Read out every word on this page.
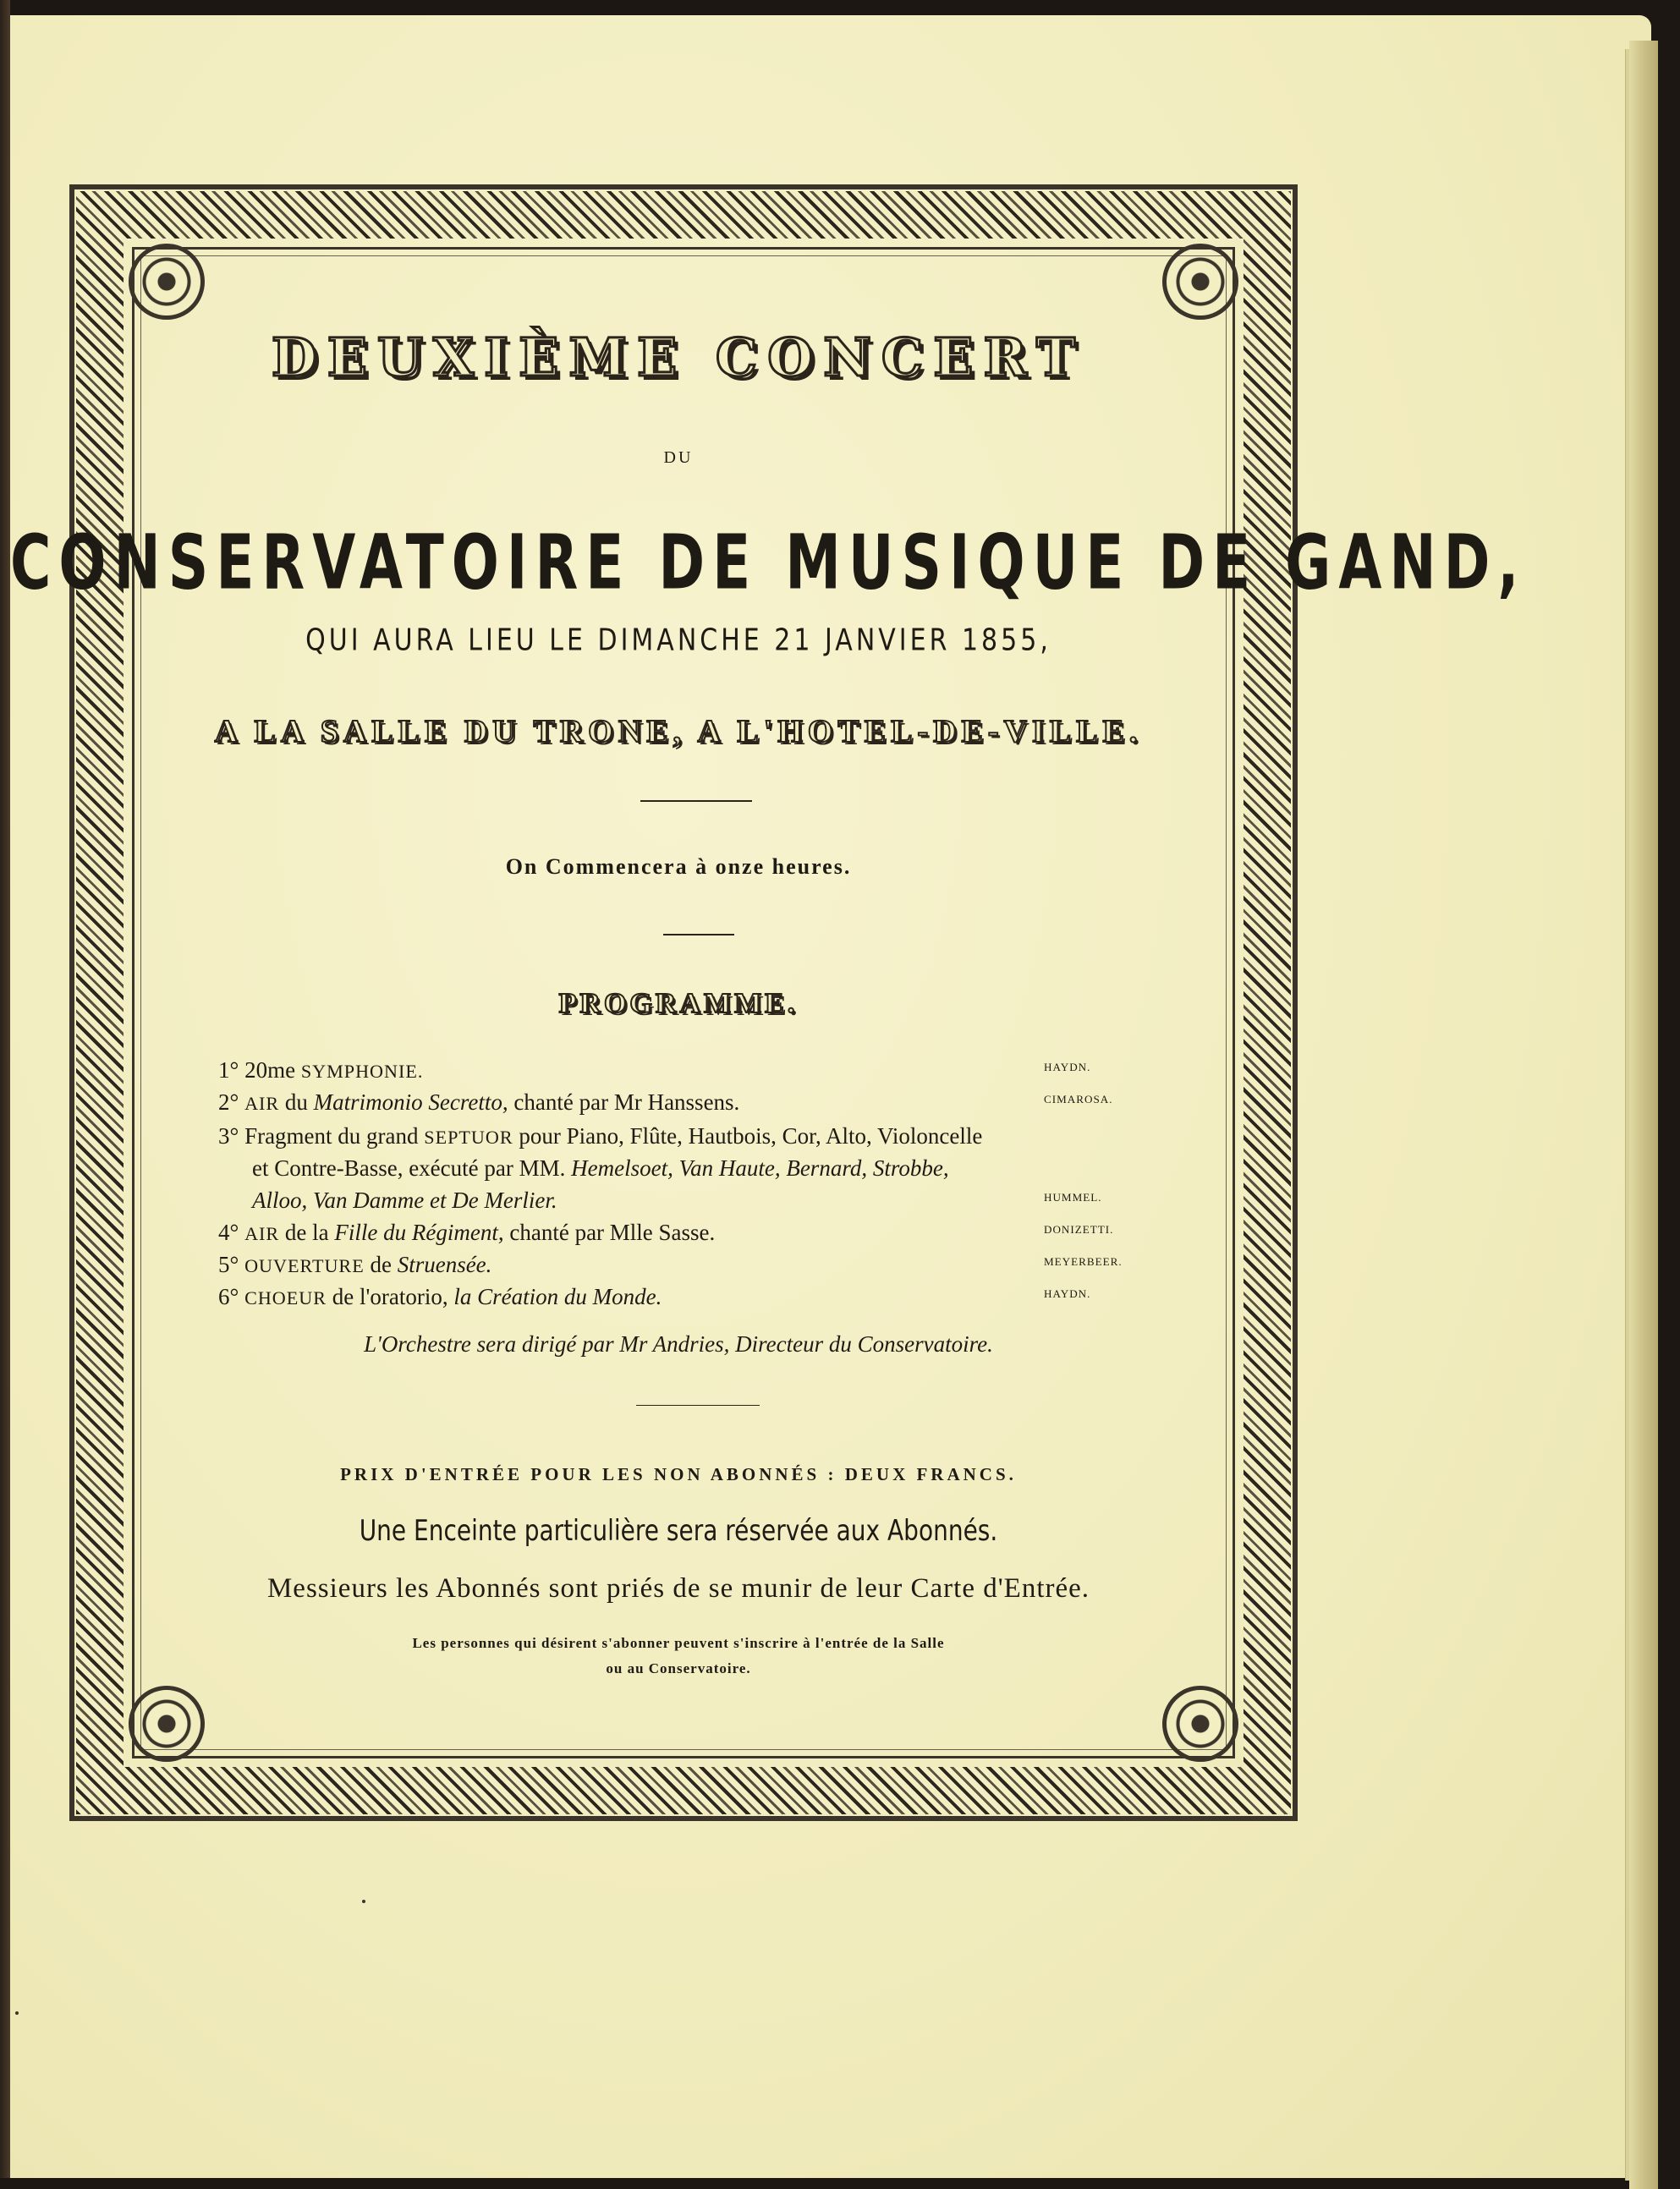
DEUXIÈME CONCERT
DU
CONSERVATOIRE DE MUSIQUE DE GAND,
QUI AURA LIEU LE DIMANCHE 21 JANVIER 1855,
A LA SALLE DU TRONE, A L'HOTEL-DE-VILLE.
On Commencera à onze heures.
PROGRAMME.
1° 20me SYMPHONIE.	HAYDN.
2° AIR du Matrimonio Secretto, chanté par Mr Hanssens.	CIMAROSA.
3° Fragment du grand SEPTUOR pour Piano, Flûte, Hautbois, Cor, Alto, Violoncelle
et Contre-Basse, exécuté par MM. Hemelsoet, Van Haute, Bernard, Strobbe,
Alloo, Van Damme et De Merlier.	HUMMEL.
4° AIR de la Fille du Régiment, chanté par Mlle Sasse.	DONIZETTI.
5° OUVERTURE de Struensée.	MEYERBEER.
6° CHOEUR de l'oratorio, la Création du Monde.	HAYDN.
L'Orchestre sera dirigé par Mr Andries, Directeur du Conservatoire.
PRIX D'ENTRÉE POUR LES NON ABONNÉS : DEUX FRANCS.
Une Enceinte particulière sera réservée aux Abonnés.
Messieurs les Abonnés sont priés de se munir de leur Carte d'Entrée.
Les personnes qui désirent s'abonner peuvent s'inscrire à l'entrée de la Salle
ou au Conservatoire.
